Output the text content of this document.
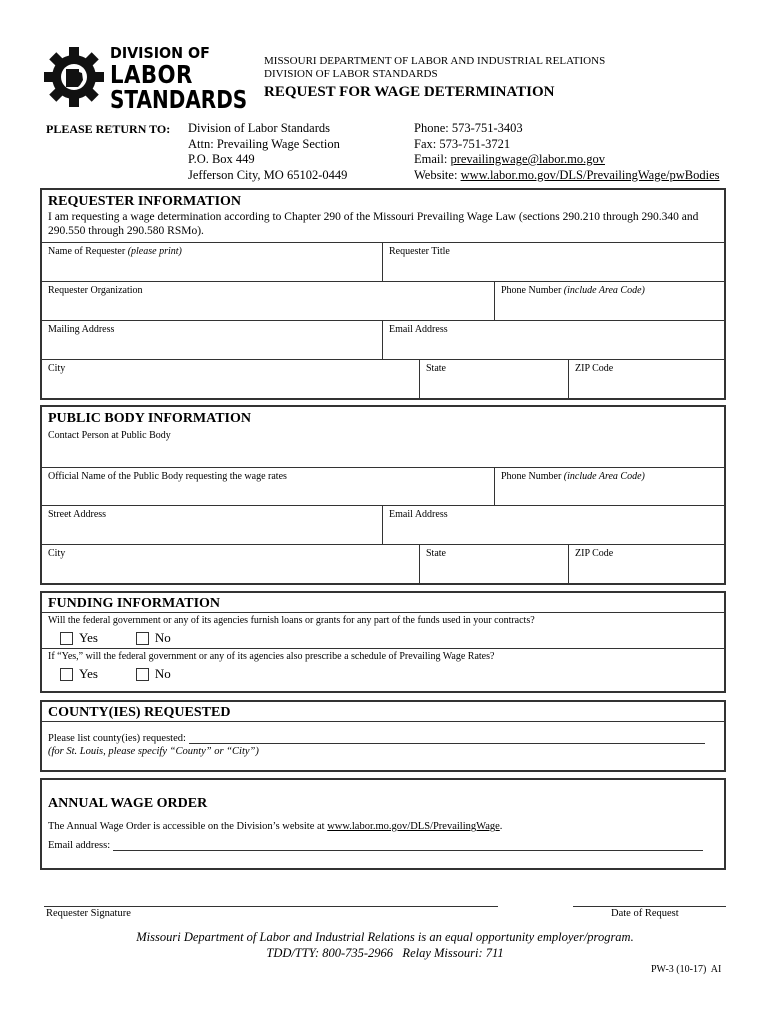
DIVISION OF
LABOR
STANDARDS
MISSOURI DEPARTMENT OF LABOR AND INDUSTRIAL RELATIONS
DIVISION OF LABOR STANDARDS
REQUEST FOR WAGE DETERMINATION
PLEASE RETURN TO: Division of Labor Standards
Attn: Prevailing Wage Section
P.O. Box 449
Jefferson City, MO 65102-0449
Phone: 573-751-3403
Fax: 573-751-3721
Email: prevailingwage@labor.mo.gov
Website: www.labor.mo.gov/DLS/PrevailingWage/pwBodies
REQUESTER INFORMATION
I am requesting a wage determination according to Chapter 290 of the Missouri Prevailing Wage Law (sections 290.210 through 290.340 and 290.550 through 290.580 RSMo).
Name of Requester (please print)	Requester Title
Requester Organization	Phone Number (include Area Code)
Mailing Address	Email Address
City	State	ZIP Code
PUBLIC BODY INFORMATION
Contact Person at Public Body
Official Name of the Public Body requesting the wage rates	Phone Number (include Area Code)
Street Address	Email Address
City	State	ZIP Code
FUNDING INFORMATION
Will the federal government or any of its agencies furnish loans or grants for any part of the funds used in your contracts?
Yes	No
If “Yes,” will the federal government or any of its agencies also prescribe a schedule of Prevailing Wage Rates?
Yes	No
COUNTY(IES) REQUESTED
Please list county(ies) requested:
(for St. Louis, please specify “County” or “City”)
ANNUAL WAGE ORDER
The Annual Wage Order is accessible on the Division’s website at www.labor.mo.gov/DLS/PrevailingWage.
Email address:
Requester Signature	Date of Request
Missouri Department of Labor and Industrial Relations is an equal opportunity employer/program.
TDD/TTY: 800-735-2966   Relay Missouri: 711
PW-3 (10-17)  AI
